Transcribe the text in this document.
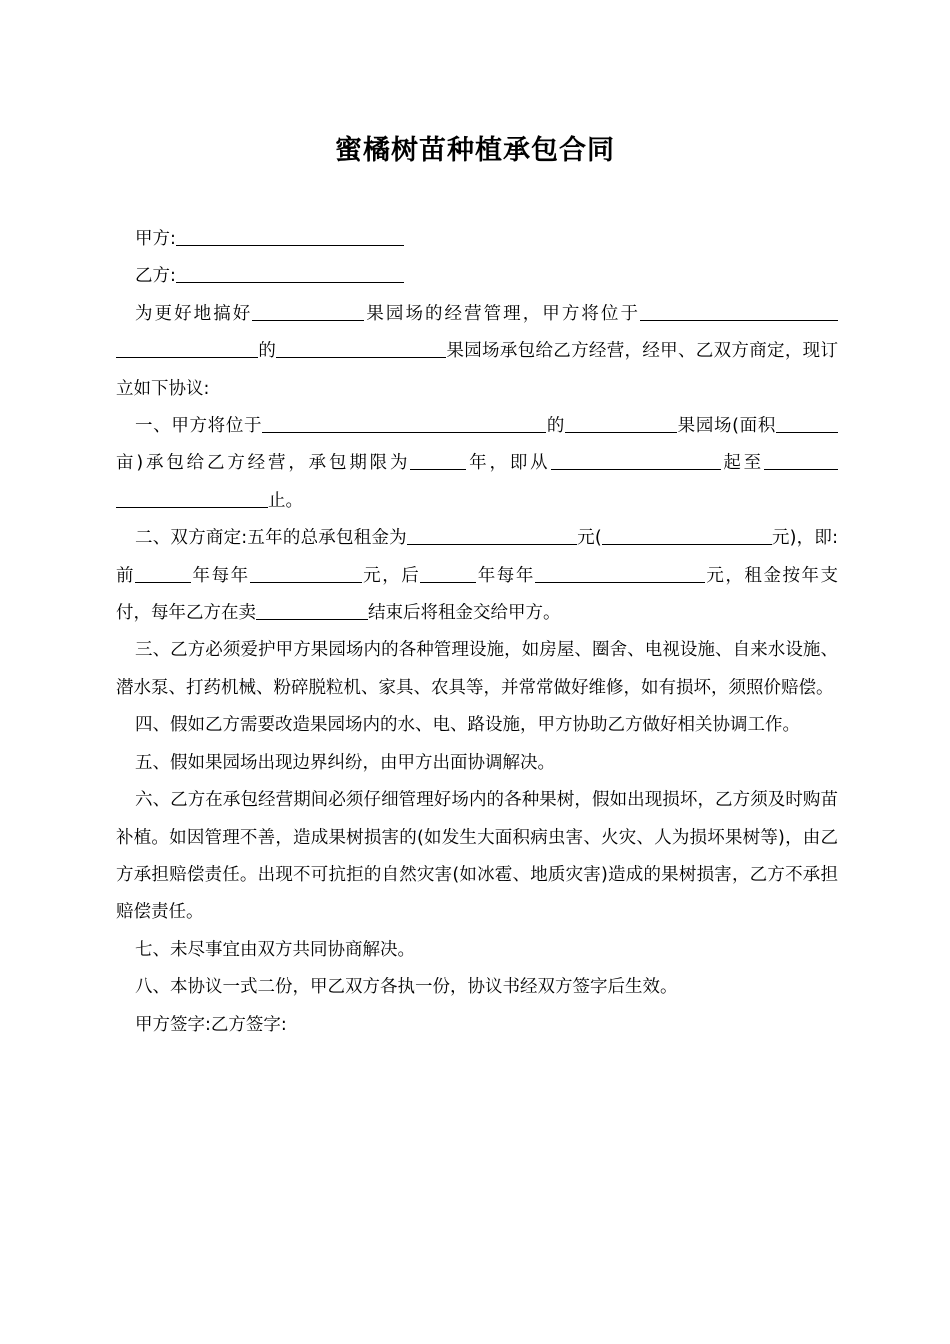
蜜橘树苗种植承包合同

甲方:

乙方:

为更好地搞好	果园场的经营管理，甲方将位于的	果园场承包给乙方经营，经甲、乙双方商定，现订立如下协议:

一、甲方将位于	的	果园场(面积亩)承包给乙方经营，承包期限为	年，即从	起至止。

二、双方商定:五年的总承包租金为	元(	元)，即:前	年每年	元，后	年每年	元，租金按年支付，每年乙方在卖	结束后将租金交给甲方。

三、乙方必须爱护甲方果园场内的各种管理设施，如房屋、圈舍、电视设施、自来水设施、潜水泵、打药机械、粉碎脱粒机、家具、农具等，并常常做好维修，如有损坏，须照价赔偿。

四、假如乙方需要改造果园场内的水、电、路设施，甲方协助乙方做好相关协调工作。

五、假如果园场出现边界纠纷，由甲方出面协调解决。

六、乙方在承包经营期间必须仔细管理好场内的各种果树，假如出现损坏，乙方须及时购苗补植。如因管理不善，造成果树损害的(如发生大面积病虫害、火灾、人为损坏果树等)，由乙方承担赔偿责任。出现不可抗拒的自然灾害(如冰雹、地质灾害)造成的果树损害，乙方不承担赔偿责任。

七、未尽事宜由双方共同协商解决。

八、本协议一式二份，甲乙双方各执一份，协议书经双方签字后生效。

甲方签字:乙方签字:
